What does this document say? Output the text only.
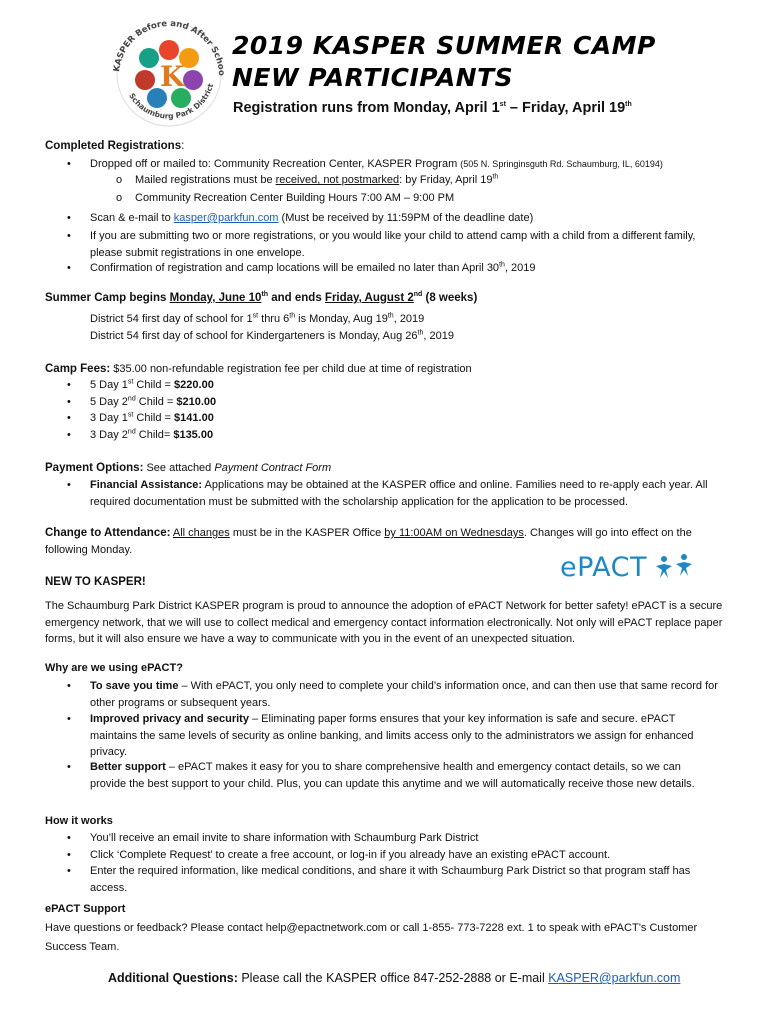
KASPER Before and After Schoo
Schaumburg Park District
K
2019 KASPER SUMMER CAMP
NEW PARTICIPANTS
Registration runs from Monday, April 1st – Friday, April 19th
Completed Registrations:
• Dropped off or mailed to: Community Recreation Center, KASPER Program (505 N. Springinsguth Rd. Schaumburg, IL, 60194)
o Mailed registrations must be received, not postmarked: by Friday, April 19th
o Community Recreation Center Building Hours 7:00 AM – 9:00 PM
• Scan & e-mail to kasper@parkfun.com (Must be received by 11:59PM of the deadline date)
• If you are submitting two or more registrations, or you would like your child to attend camp with a child from a different family, please submit registrations in one envelope.
• Confirmation of registration and camp locations will be emailed no later than April 30th, 2019
Summer Camp begins Monday, June 10th and ends Friday, August 2nd (8 weeks)
District 54 first day of school for 1st thru 6th is Monday, Aug 19th, 2019
District 54 first day of school for Kindergarteners is Monday, Aug 26th, 2019
Camp Fees: $35.00 non-refundable registration fee per child due at time of registration
• 5 Day 1st Child = $220.00
• 5 Day 2nd Child = $210.00
• 3 Day 1st Child = $141.00
• 3 Day 2nd Child= $135.00
Payment Options: See attached Payment Contract Form
• Financial Assistance: Applications may be obtained at the KASPER office and online. Families need to re-apply each year. All required documentation must be submitted with the scholarship application for the application to be processed.
Change to Attendance: All changes must be in the KASPER Office by 11:00AM on Wednesdays. Changes will go into effect on the following Monday.
ePACT
NEW TO KASPER!
The Schaumburg Park District KASPER program is proud to announce the adoption of ePACT Network for better safety! ePACT is a secure emergency network, that we will use to collect medical and emergency contact information electronically. Not only will ePACT replace paper forms, but it will also ensure we have a way to communicate with you in the event of an unexpected situation.
Why are we using ePACT?
• To save you time – With ePACT, you only need to complete your child’s information once, and can then use that same record for other programs or subsequent years.
• Improved privacy and security – Eliminating paper forms ensures that your key information is safe and secure. ePACT maintains the same levels of security as online banking, and limits access only to the administrators we assign for enhanced privacy.
• Better support – ePACT makes it easy for you to share comprehensive health and emergency contact details, so we can provide the best support to your child. Plus, you can update this anytime and we will automatically receive those new details.
How it works
• You’ll receive an email invite to share information with Schaumburg Park District
• Click ‘Complete Request’ to create a free account, or log-in if you already have an existing ePACT account.
• Enter the required information, like medical conditions, and share it with Schaumburg Park District so that program staff has access.
ePACT Support
Have questions or feedback? Please contact help@epactnetwork.com or call 1-855- 773-7228 ext. 1 to speak with ePACT’s Customer Success Team.
Additional Questions: Please call the KASPER office 847-252-2888 or E-mail KASPER@parkfun.com
